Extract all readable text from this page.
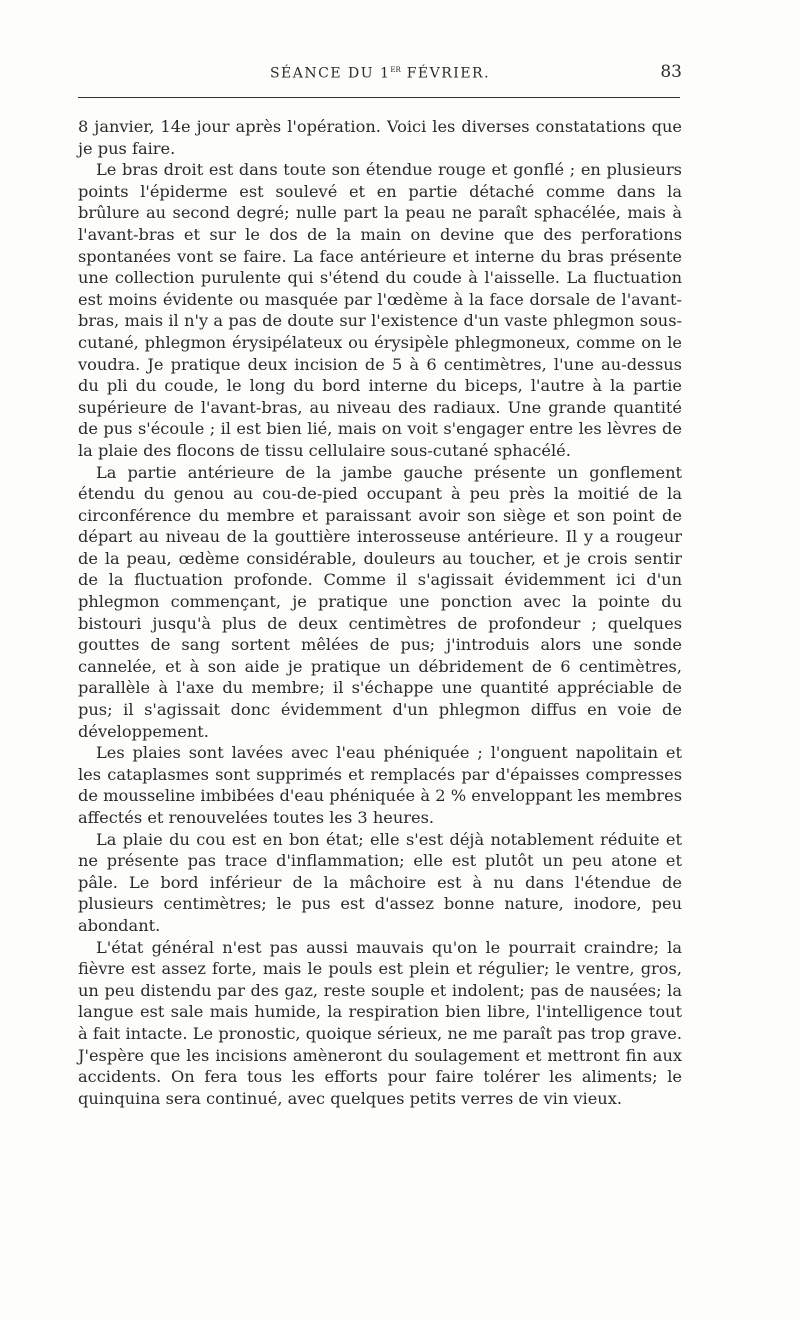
SÉANCE DU 1er FÉVRIER.	83

8 janvier, 14e jour après l'opération. Voici les diverses constatations que je pus faire.

Le bras droit est dans toute son étendue rouge et gonflé ; en plusieurs points l'épiderme est soulevé et en partie détaché comme dans la brûlure au second degré; nulle part la peau ne paraît sphacélée, mais à l'avant-bras et sur le dos de la main on devine que des perforations spontanées vont se faire. La face antérieure et interne du bras présente une collection purulente qui s'étend du coude à l'aisselle. La fluctuation est moins évidente ou masquée par l'œdème à la face dorsale de l'avant-bras, mais il n'y a pas de doute sur l'existence d'un vaste phlegmon sous-cutané, phlegmon érysipélateux ou érysipèle phlegmoneux, comme on le voudra. Je pratique deux incision de 5 à 6 centimètres, l'une au-dessus du pli du coude, le long du bord interne du biceps, l'autre à la partie supérieure de l'avant-bras, au niveau des radiaux. Une grande quantité de pus s'écoule ; il est bien lié, mais on voit s'engager entre les lèvres de la plaie des flocons de tissu cellulaire sous-cutané sphacélé.

La partie antérieure de la jambe gauche présente un gonflement étendu du genou au cou-de-pied occupant à peu près la moitié de la circonférence du membre et paraissant avoir son siège et son point de départ au niveau de la gouttière interosseuse antérieure. Il y a rougeur de la peau, œdème considérable, douleurs au toucher, et je crois sentir de la fluctuation profonde. Comme il s'agissait évidemment ici d'un phlegmon commençant, je pratique une ponction avec la pointe du bistouri jusqu'à plus de deux centimètres de profondeur ; quelques gouttes de sang sortent mêlées de pus; j'introduis alors une sonde cannelée, et à son aide je pratique un débridement de 6 centimètres, parallèle à l'axe du membre; il s'échappe une quantité appréciable de pus; il s'agissait donc évidemment d'un phlegmon diffus en voie de développement.

Les plaies sont lavées avec l'eau phéniquée ; l'onguent napolitain et les cataplasmes sont supprimés et remplacés par d'épaisses compresses de mousseline imbibées d'eau phéniquée à 2 % enveloppant les membres affectés et renouvelées toutes les 3 heures.

La plaie du cou est en bon état; elle s'est déjà notablement réduite et ne présente pas trace d'inflammation; elle est plutôt un peu atone et pâle. Le bord inférieur de la mâchoire est à nu dans l'étendue de plusieurs centimètres; le pus est d'assez bonne nature, inodore, peu abondant.

L'état général n'est pas aussi mauvais qu'on le pourrait craindre; la fièvre est assez forte, mais le pouls est plein et régulier; le ventre, gros, un peu distendu par des gaz, reste souple et indolent; pas de nausées; la langue est sale mais humide, la respiration bien libre, l'intelligence tout à fait intacte. Le pronostic, quoique sérieux, ne me paraît pas trop grave. J'espère que les incisions amèneront du soulagement et mettront fin aux accidents. On fera tous les efforts pour faire tolérer les aliments; le quinquina sera continué, avec quelques petits verres de vin vieux.
